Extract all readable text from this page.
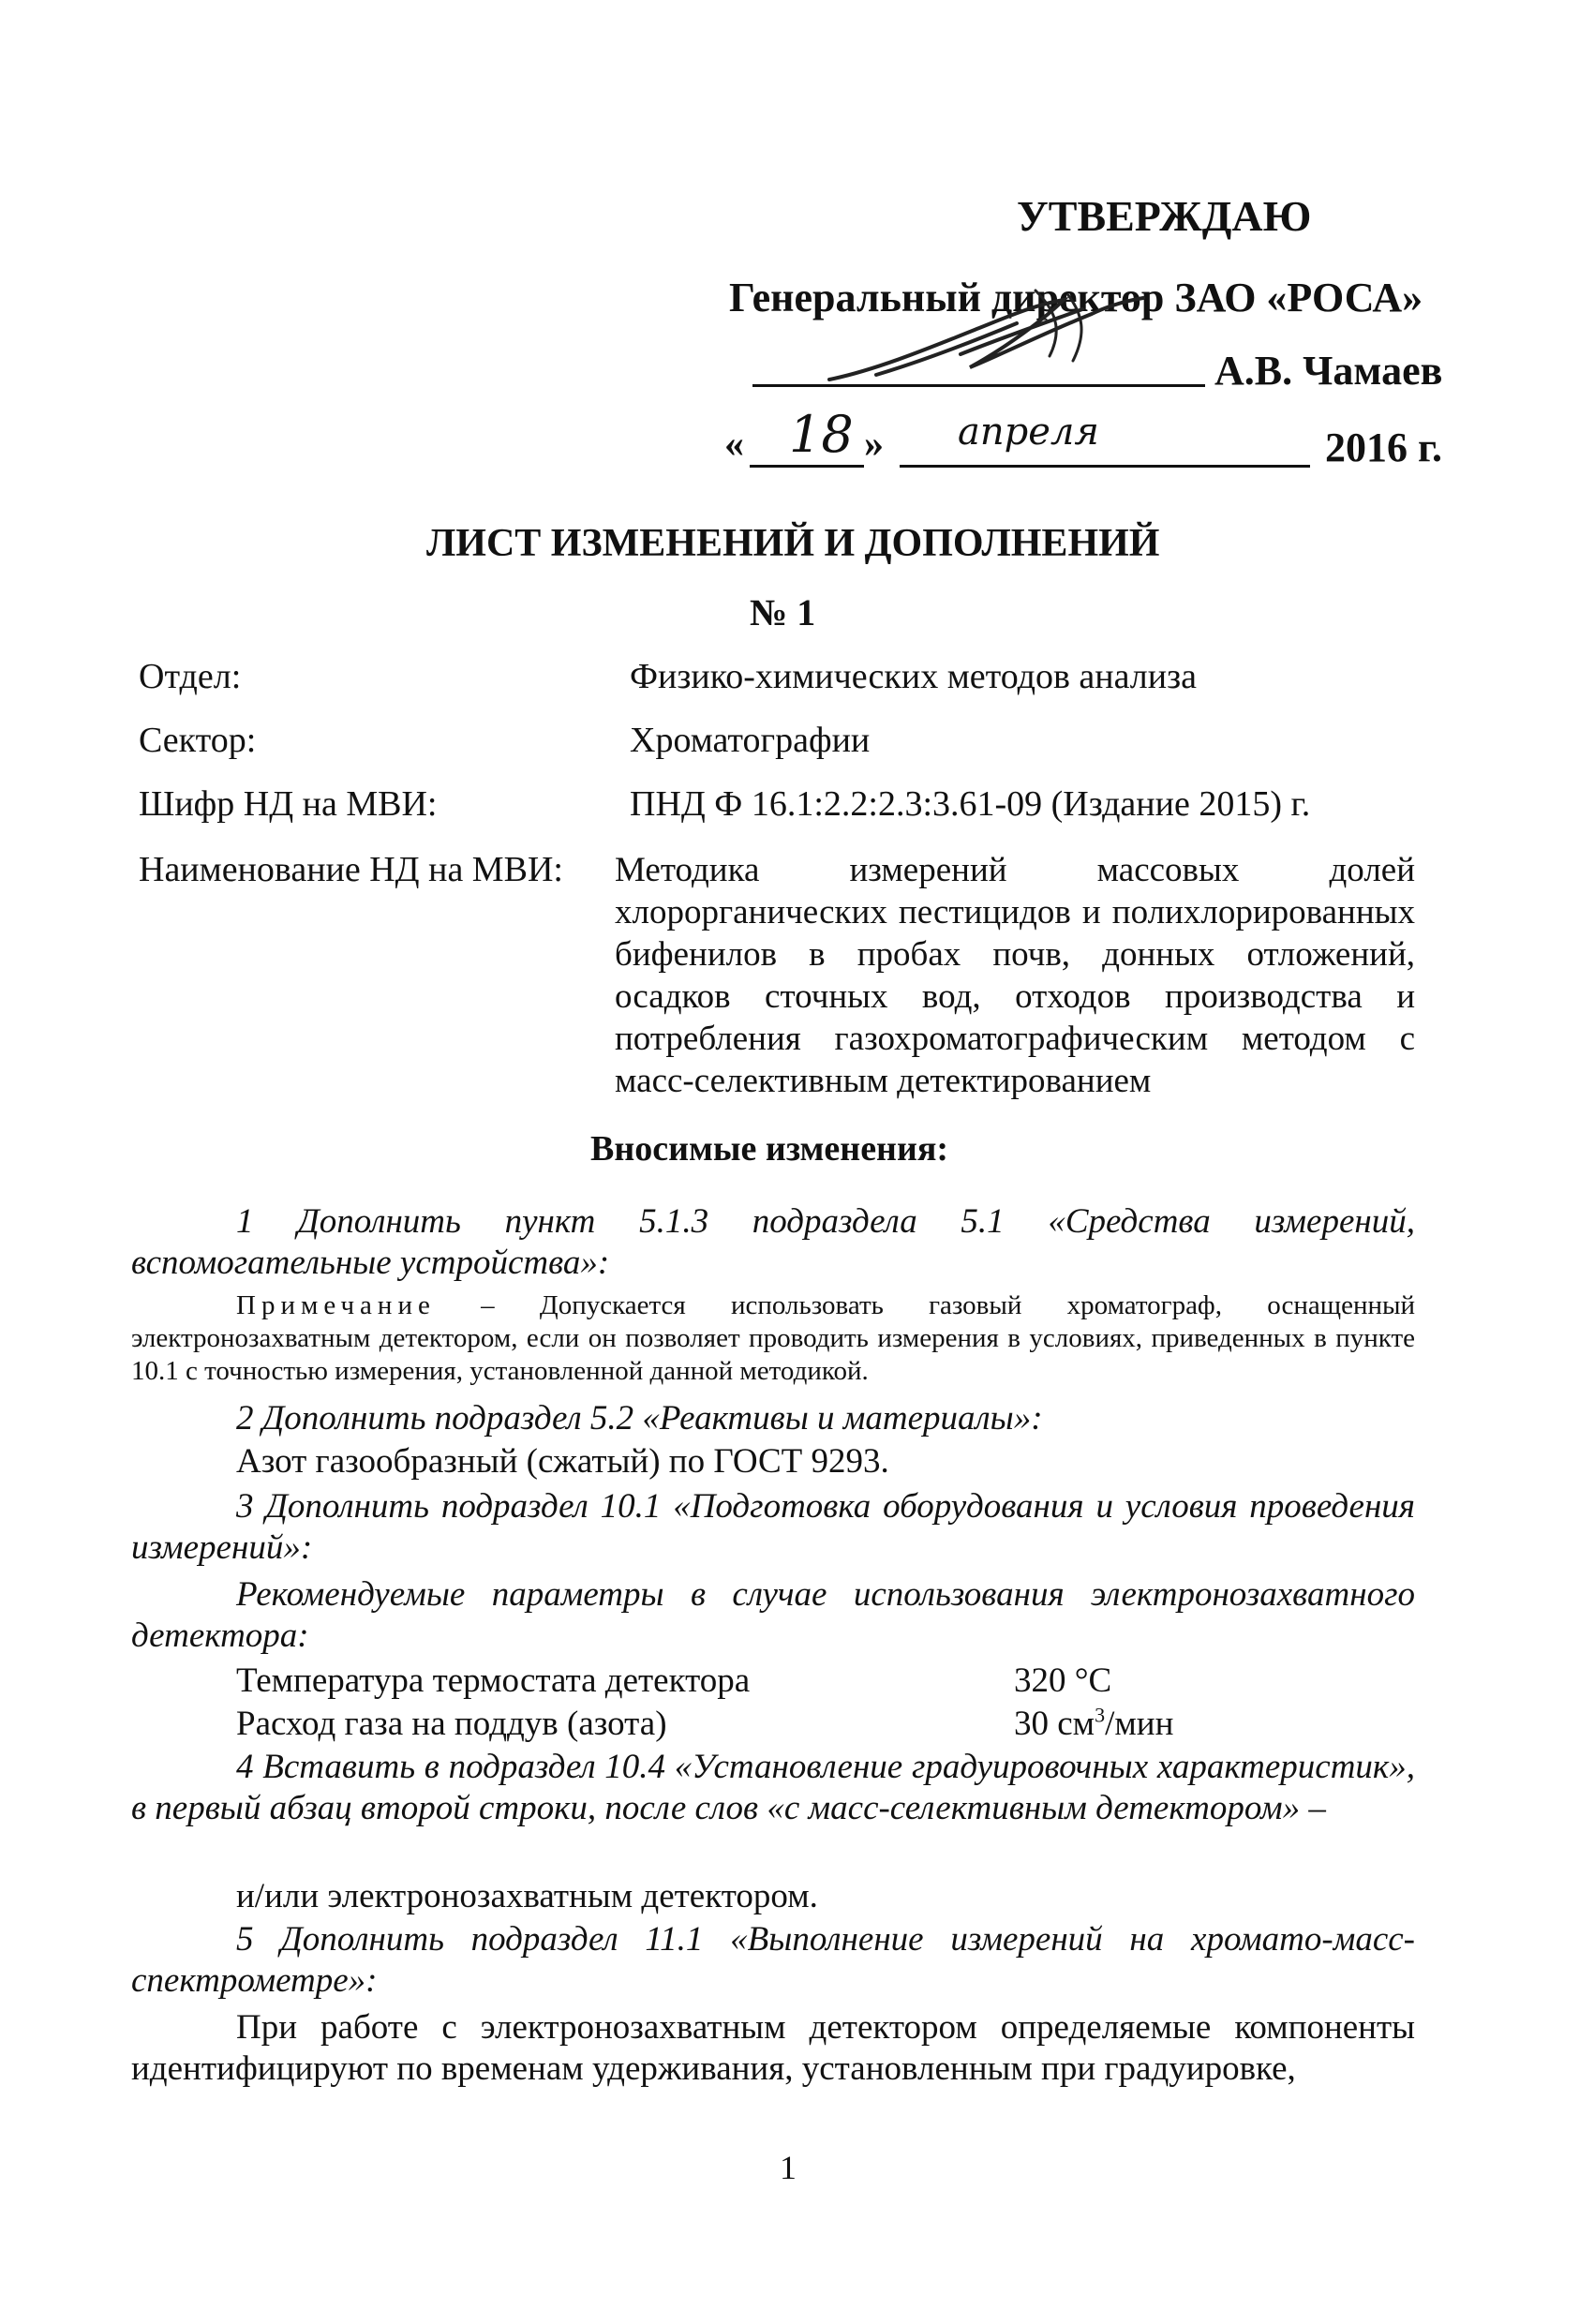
УТВЕРЖДАЮ
Генеральный директор ЗАО «РОСА»
А.В. Чамаев
« 18 » апреля	2016 г.
ЛИСТ ИЗМЕНЕНИЙ И ДОПОЛНЕНИЙ
№ 1
Отдел:	Физико-химических методов анализа
Сектор:	Хроматографии
Шифр НД на МВИ:	ПНД Ф 16.1:2.2:2.3:3.61-09 (Издание 2015) г.
Наименование НД на МВИ: Методика измерений массовых долей хлорорганических пестицидов и полихлорированных бифенилов в пробах почв, донных отложений, осадков сточных вод, отходов производства и потребления газохроматографическим методом с масс-селективным детектированием
Вносимые изменения:
1 Дополнить пункт 5.1.3 подраздела 5.1 «Средства измерений, вспомогательные устройства»:
Примечание – Допускается использовать газовый хроматограф, оснащенный электронозахватным детектором, если он позволяет проводить измерения в условиях, приведенных в пункте 10.1 с точностью измерения, установленной данной методикой.
2 Дополнить подраздел 5.2 «Реактивы и материалы»:
Азот газообразный (сжатый) по ГОСТ 9293.
3 Дополнить подраздел 10.1 «Подготовка оборудования и условия проведения измерений»:
Рекомендуемые параметры в случае использования электронозахватного детектора:
Температура термостата детектора	320 °С
Расход газа на поддув (азота)	30 $см^3$/мин
4 Вставить в подраздел 10.4 «Установление градуировочных характеристик», в первый абзац второй строки, после слов «с масс-селективным детектором» –
и/или электронозахватным детектором.
5 Дополнить подраздел 11.1 «Выполнение измерений на хромато-масс-спектрометре»:
При работе с электронозахватным детектором определяемые компоненты идентифицируют по временам удерживания, установленным при градуировке,
1
